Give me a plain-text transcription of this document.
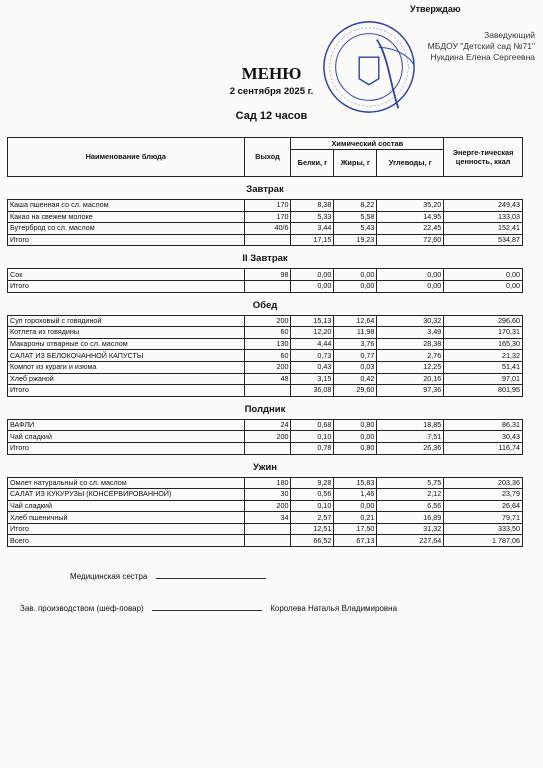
Утверждаю
Заведующий
МБДОУ "Детский сад №71"
Нукдина Елена Сергеевна
МЕНЮ
2 сентября 2025 г.
Сад 12 часов
Наименование блюда	Выход	Химический состав			Энерге-тическая ценность, ккал
		Белки, г	Жиры, г	Углеводы, г	
Завтрак					
Каша пшенная со сл. маслом	170	8,38	8,22	35,20	249,43
Какао на свежем молоке	170	5,33	5,58	14,95	133,03
Бутерброд со сл. маслом	40/6	3,44	5,43	22,45	152,41
Итого		17,15	19,23	72,60	534,87
II Завтрак					
Сок	98	0,00	0,00	0,00	0,00
Итого		0,00	0,00	0,00	0,00
Обед					
Суп гороховый с говядиной	200	15,13	12,64	30,32	296,60
Котлета из говядины	60	12,20	11,98	3,49	170,31
Макароны отварные со сл. маслом	130	4,44	3,76	28,38	165,30
САЛАТ ИЗ БЕЛОКОЧАННОЙ КАПУСТЫ	60	0,73	0,77	2,76	21,32
Компот из кураги и изюма	200	0,43	0,03	12,25	51,41
Хлеб ржаной	48	3,15	0,42	20,16	97,01
Итого		36,08	29,60	97,36	801,95
Полдник					
ВАФЛИ	24	0,68	0,80	18,85	86,31
Чай сладкий	200	0,10	0,00	7,51	30,43
Итого		0,78	0,80	26,36	116,74
Ужин					
Омлет натуральный со сл. маслом	180	9,28	15,83	5,75	203,36
САЛАТ ИЗ КУКУРУЗЫ (КОНСЕРВИРОВАННОЙ)	30	0,56	1,46	2,12	23,79
Чай сладкий	200	0,10	0,00	6,56	26,64
Хлеб пшеничный	34	2,57	0,21	16,89	79,71
Итого		12,51	17,50	31,32	333,50
Всего		66,52	67,13	227,64	1 787,06
Медицинская сестра
Зав. производством (шеф-повар)	Королева Наталья Владимировна
